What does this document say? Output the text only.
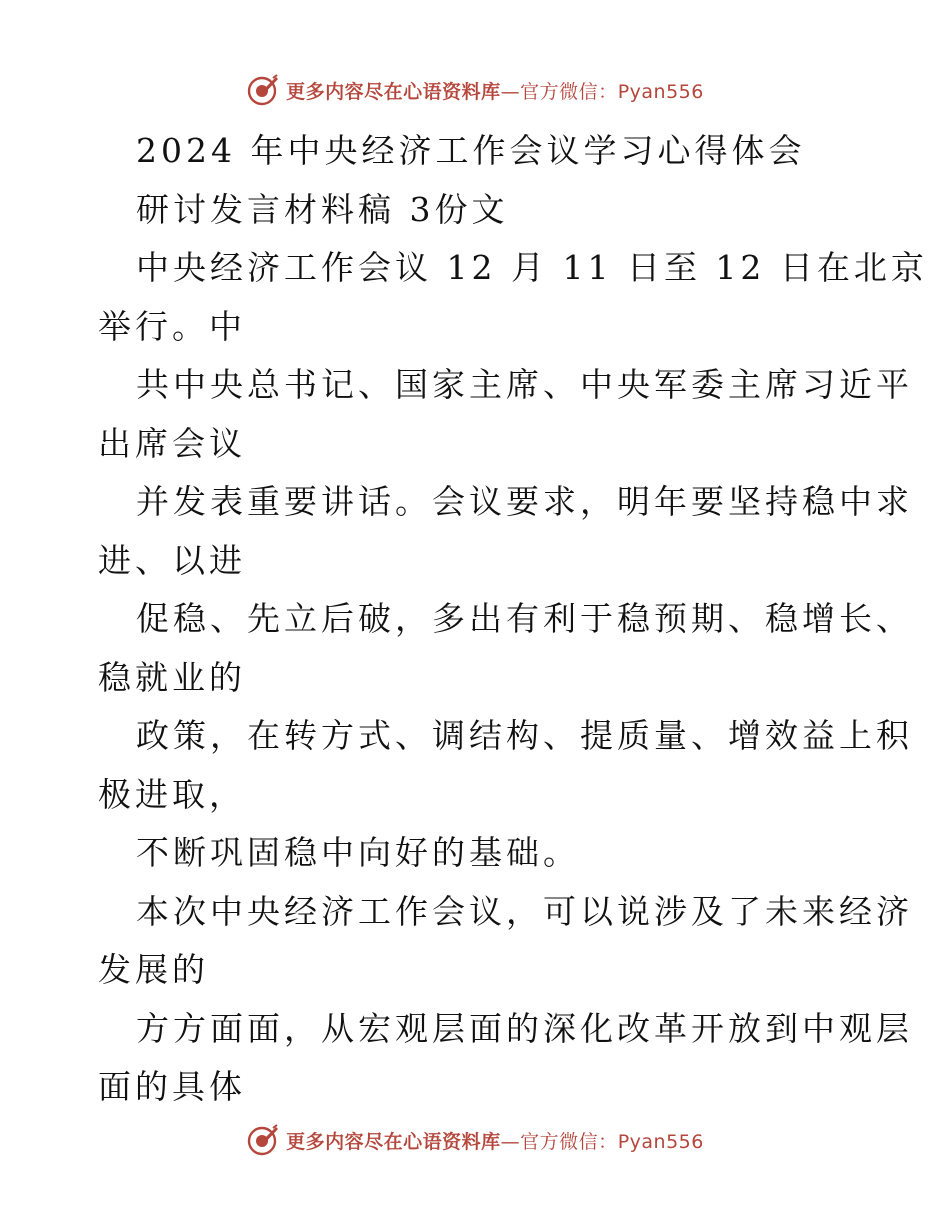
更多内容尽在心语资料库—官方微信：Pyan556
2024 年中央经济工作会议学习心得体会
研讨发言材料稿 3份文
中央经济工作会议 12 月 11 日至 12 日在北京
举行。中
共中央总书记、国家主席、中央军委主席习近平
出席会议
并发表重要讲话。会议要求，明年要坚持稳中求
进、以进
促稳、先立后破，多出有利于稳预期、稳增长、
稳就业的
政策，在转方式、调结构、提质量、增效益上积
极进取，
不断巩固稳中向好的基础。
本次中央经济工作会议，可以说涉及了未来经济
发展的
方方面面，从宏观层面的深化改革开放到中观层
面的具体
更多内容尽在心语资料库—官方微信：Pyan556
